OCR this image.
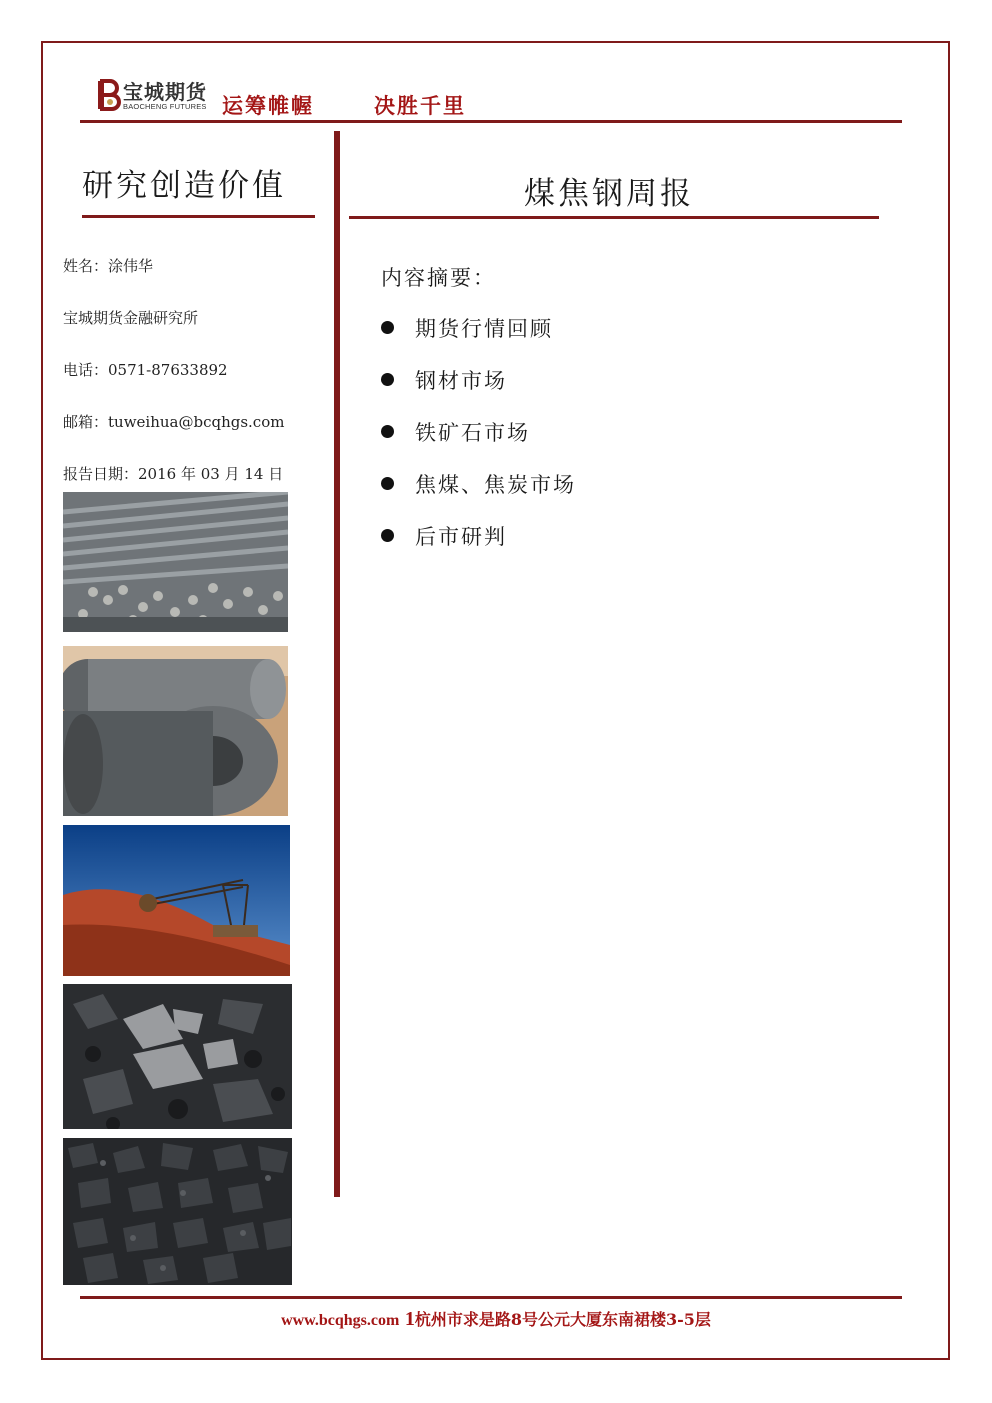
宝城期货
BAOCHENG FUTURES 运筹帷幄	决胜千里
研究创造价值
姓名：涂伟华
宝城期货金融研究所
电话：0571-87633892
邮箱：tuweihua@bcqhgs.com
报告日期：2016 年 03 月 14 日
煤焦钢周报
内容摘要：
期货行情回顾
钢材市场
铁矿石市场
焦煤、焦炭市场
后市研判
www.bcqhgs.com 1杭州市求是路8号公元大厦东南裙楼3-5层
